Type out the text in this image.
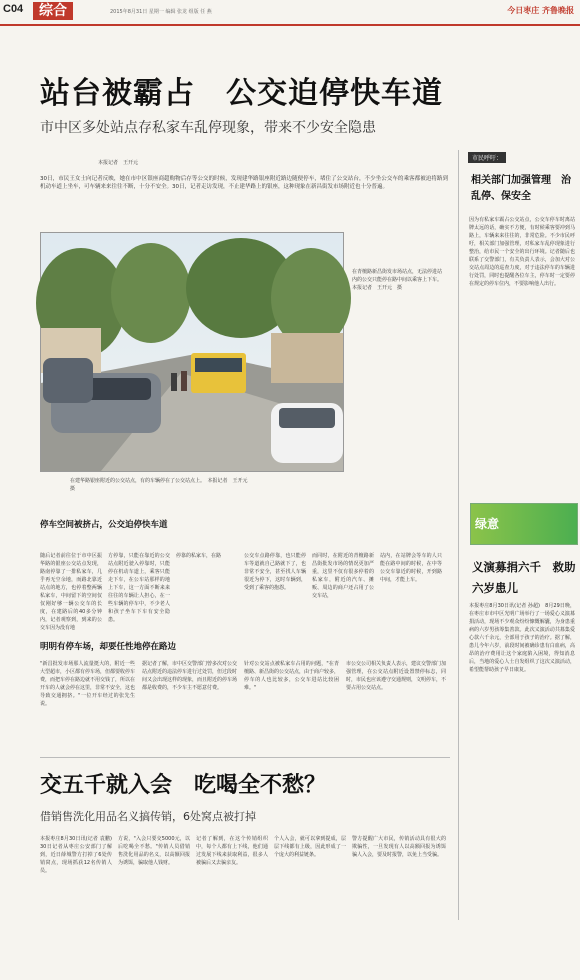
C04	综合	2015年8月31日 星期一 编辑 张龙 组版 任 燕	今日枣庄 齐鲁晚报
站台被霸占　公交迫停快车道
市中区多处站点存私家车乱停现象，带来不少安全隐患
本报记者　王开元
30日，市民王女士向记者反映，她在市中区银座商超购物后存等公交的时候，发现建华路银座附近路边随便停车，堵住了公交站台，不少坐公交车的乘客都被迫将路到机动车道上坐车，可车辆来来往往不断，十分不安全。30日，记者走访发现，不止建华路上的银座，这种现象在新昌街发市场附近也十分普遍。
在建华路银座附近的公交站点，有的车辆停在了公交站点上。　本报记者　王开元　摄
在青檀路新昌街发市场站点，无法停进站内的公交只能停在路中间以乘客上下车。　本报记者　王开元　摄
停车空间被挤占，公交迫停快车道
随后记者前往位于市中区振华路的银座公交站点发现，路南停靠了一排私家车，几乎再无空余地，而路北靠近站点的地方，也停着整两辆私家车，中间留下的空间仅仅刚好够一辆公交车的长度，在建路后的40多分钟内，记者观察到，到来的公交车因为没有地
方停靠，只能在靠近的公交站点附近驶入停靠时，只能停在机动车道上，乘客只能走下车，在公车站那样的地上下车，这一方面不断来来往往的车辆让人担心，在一些车辆的停车中，不少老人和孩子坐车下车有安全隐患。
停靠的私家车，在路	公交车点路停靠，也只能停车等道就自己路就下了，也非常不安全，甚至找人车辆很近为停下，这时车辆到，受到了乘客的抱怨。
而同时，在附近的青檀路新昌街批发市场的情况更加严重，这里不仅有很多停着的私家车，附近的汽车、摊贩、周边的商户还占用了公交车站，
站内，在站牌会等车的人只能在路中间的时候，在中等公交车靠近的时候，开到路中间，才能上车。
明明有停车场，却要任性地停在路边
"新昌批发市场那人流量挺大的，附近一些大型超市，小区都有停车场，但都要收停车费，而把车停在路边就不用交钱了，所以在开车的人就会停在这里，非常不安全，这也导致交通拥挤。"一位开车经过的张先生说。
据记者了解，市中区交警部门曾多次对公交站点附近的违法停车进行过处罚，但过段时间又会出现这样的现象，而且附近的停车场都是收费的，不少车主不愿意付费。
针对公交站点被私家车占用的问题，"在青檀路、新昌街的公交站点，由于商户较多，停车的人也比较多，公交车进站比较困难。"
市公交公司相关负责人表示，建议交警部门加强管理，在公交站点附近设置禁停标志，同时，市民也应该遵守交通规则，文明停车，不要占用公交站点。
交五千就入会　吃喝全不愁？
借销售洗化用品名义搞传销，6处窝点被打掉
本报枣庄8月30日讯(记者 袁鹏)　30日记者从枣庄公安部门了解到，近日薛城警方打掉了6处传销窝点，现场抓获12名传销人员。
方说，"入会只要交5000元，以后吃喝全不愁。"传销人员借销售洗化用品的名义，以高额回报为诱饵，骗取他人钱财。
记者了解到，在这个传销组织中，每个人都有上下线，他们通过发展下线来获取利益，很多人被骗后又去骗亲友。
个人入会，就可以拿到提成，层层下线都有上级，因此形成了一个庞大的利益链条。
警方提醒广大市民，传销活动具有很大的欺骗性，一旦发现有人以高额回报为诱饵骗人入会，要及时报警，以免上当受骗。
市民呼吁：
相关部门加强管理　治乱停、保安全
因为有私家车霸占公交站点，公交车停车时离站牌太远的话，确实不方便，有时候乘客要冲到马路上，车辆来来往往的，非常危险。不少市民呼吁，相关部门加强管理，对私家车乱停现象进行整治，给市民一个安全的出行环境。记者随后也联系了交警部门，有关负责人表示，会加大对公交站点周边的巡查力度，对于违法停车的车辆进行处罚，同时也提醒各位车主，停车时一定要停在规定的停车位内，不要影响他人出行。
绿意
义演募捐六千　救助六岁患儿
本报枣庄8月30日讯(记者 孙超)　8月29日晚，在枣庄市市中区光明广场举行了一场爱心义演募捐活动，现场不少观众纷纷慷慨解囊，为身患重病的六岁男孩筹集善款。此次义演活动共募集爱心款六千余元，全部用于孩子的治疗。据了解，患儿今年六岁，前段时间被确诊患有白血病，高昂的治疗费用让这个家庭陷入困境，得知消息后，当地的爱心人士自发组织了这次义演活动，希望能帮助孩子早日康复。
